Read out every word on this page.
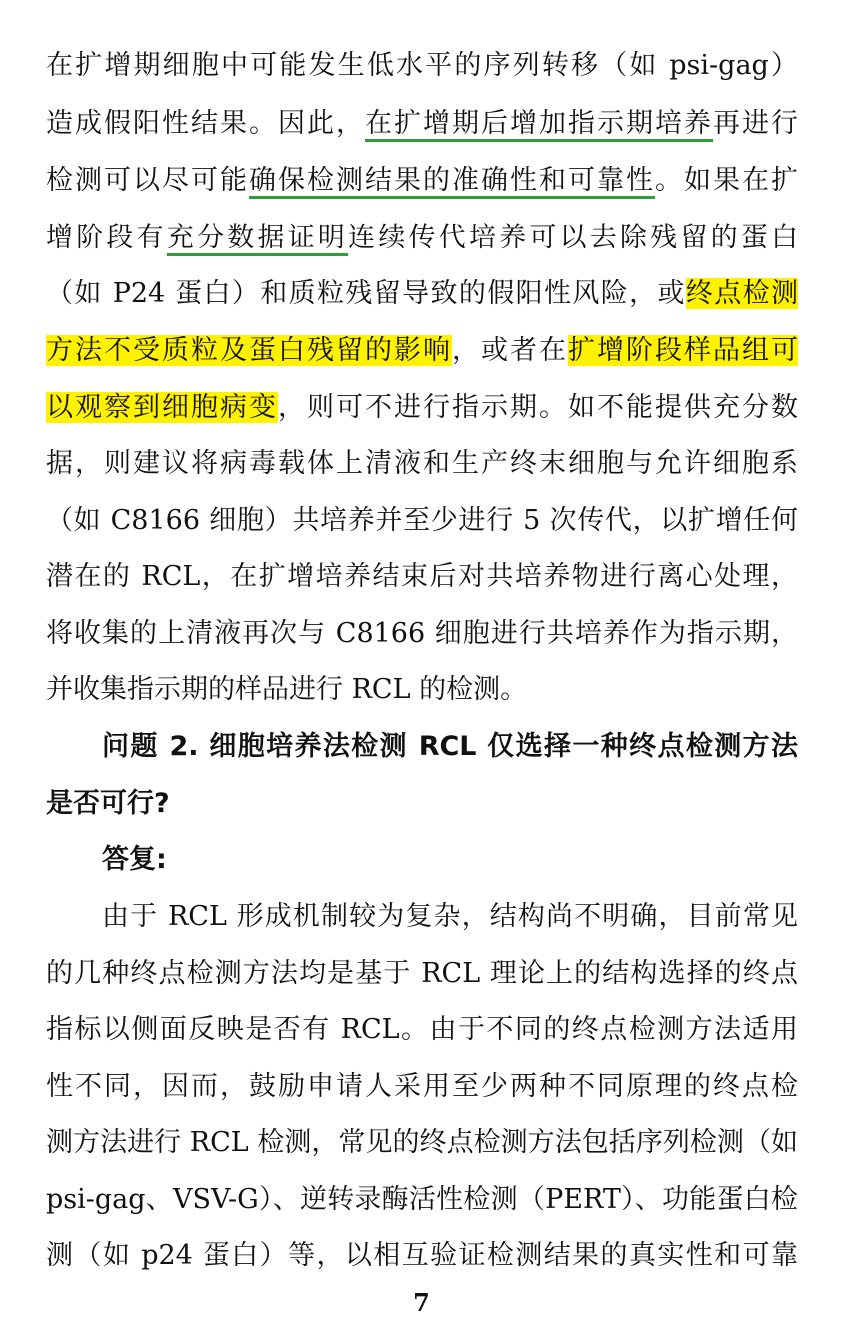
在扩增期细胞中可能发生低水平的序列转移（如 psi-gag）
造成假阳性结果。因此，在扩增期后增加指示期培养再进行
检测可以尽可能确保检测结果的准确性和可靠性。如果在扩
增阶段有充分数据证明连续传代培养可以去除残留的蛋白
（如 P24 蛋白）和质粒残留导致的假阳性风险，或终点检测
方法不受质粒及蛋白残留的影响，或者在扩增阶段样品组可
以观察到细胞病变，则可不进行指示期。如不能提供充分数
据，则建议将病毒载体上清液和生产终末细胞与允许细胞系
（如 C8166 细胞）共培养并至少进行 5 次传代，以扩增任何
潜在的 RCL，在扩增培养结束后对共培养物进行离心处理，
将收集的上清液再次与 C8166 细胞进行共培养作为指示期，
并收集指示期的样品进行 RCL 的检测。
问题 2. 细胞培养法检测 RCL 仅选择一种终点检测方法
是否可行?
答复:
由于 RCL 形成机制较为复杂，结构尚不明确，目前常见
的几种终点检测方法均是基于 RCL 理论上的结构选择的终点
指标以侧面反映是否有 RCL。由于不同的终点检测方法适用
性不同，因而，鼓励申请人采用至少两种不同原理的终点检
测方法进行 RCL 检测，常见的终点检测方法包括序列检测（如
psi-gag、VSV-G）、逆转录酶活性检测（PERT）、功能蛋白检
测（如 p24 蛋白）等，以相互验证检测结果的真实性和可靠
7
